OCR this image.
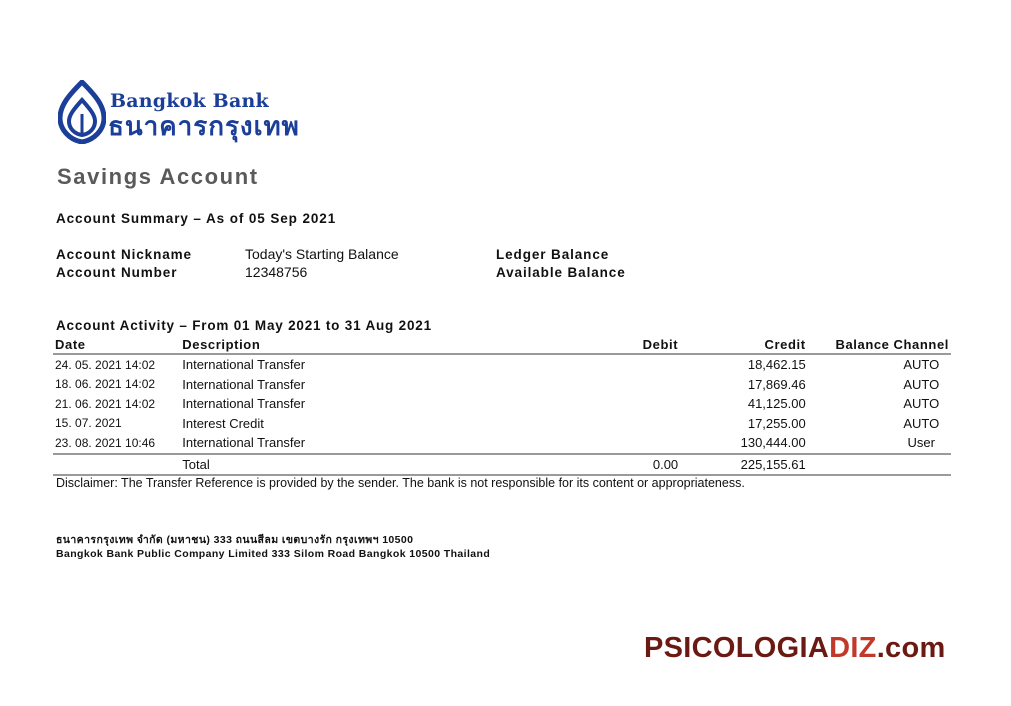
Bangkok Bank
ธนาคารกรุงเทพ
Savings Account
Account Summary – As of 05 Sep 2021
Account Nickname	Today's Starting Balance	Ledger Balance
Account Number	12348756	Available Balance
Account Activity – From 01 May 2021 to 31 Aug 2021
Date	Description	Debit	Credit	Balance	Channel
24. 05. 2021 14:02	International Transfer		18,462.15		AUTO
18. 06. 2021 14:02	International Transfer		17,869.46		AUTO
21. 06. 2021 14:02	International Transfer		41,125.00		AUTO
15. 07. 2021	Interest Credit		17,255.00		AUTO
23. 08. 2021 10:46	International Transfer		130,444.00		User
	Total	0.00	225,155.61		
Disclaimer: The Transfer Reference is provided by the sender. The bank is not responsible for its content or appropriateness.
ธนาคารกรุงเทพ จำกัด (มหาชน) 333 ถนนสีลม เขตบางรัก กรุงเทพฯ 10500
Bangkok Bank Public Company Limited 333 Silom Road Bangkok 10500 Thailand
PSICOLOGIADIZ.com
